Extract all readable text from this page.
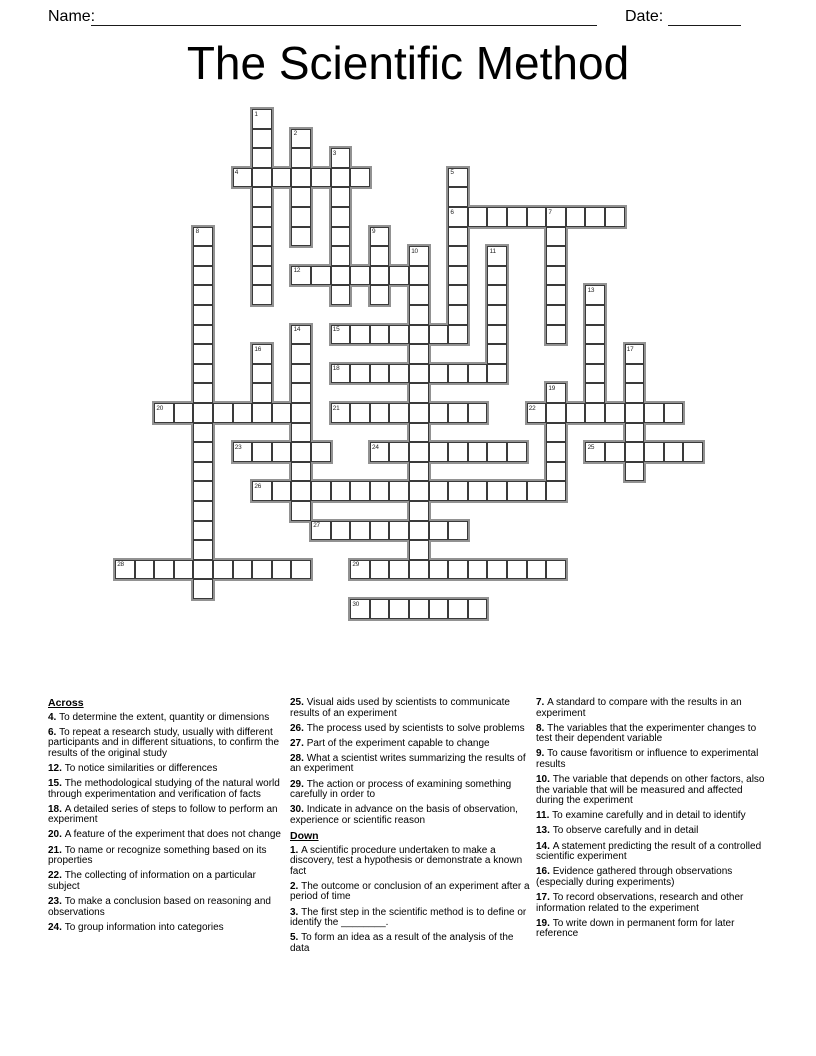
Name:	Date:
The Scientific Method
4
6	7
12
15
18
20	21	22
23	24	25
26
27
28	29
30
1
2
3
5
8	9
10	11
13
14
16	17
19
Across
4. To determine the extent, quantity or dimensions
6. To repeat a research study, usually with different participants and in different situations, to confirm the results of the original study
12. To notice similarities or differences
15. The methodological studying of the natural world through experimentation and verification of facts
18. A detailed series of steps to follow to perform an experiment
20. A feature of the experiment that does not change
21. To name or recognize something based on its properties
22. The collecting of information on a particular subject
23. To make a conclusion based on reasoning and observations
24. To group information into categories
25. Visual aids used by scientists to communicate results of an experiment
26. The process used by scientists to solve problems
27. Part of the experiment capable to change
28. What a scientist writes summarizing the results of an experiment
29. The action or process of examining something carefully in order to
30. Indicate in advance on the basis of observation, experience or scientific reason
Down
1. A scientific procedure undertaken to make a discovery, test a hypothesis or demonstrate a known fact
2. The outcome or conclusion of an experiment after a period of time
3. The first step in the scientific method is to define or identify the ________.
5. To form an idea as a result of the analysis of the data
7. A standard to compare with the results in an experiment
8. The variables that the experimenter changes to test their dependent variable
9. To cause favoritism or influence to experimental results
10. The variable that depends on other factors, also the variable that will be measured and affected during the experiment
11. To examine carefully and in detail to identify
13. To observe carefully and in detail
14. A statement predicting the result of a controlled scientific experiment
16. Evidence gathered through observations (especially during experiments)
17. To record observations, research and other information related to the experiment
19. To write down in permanent form for later reference
